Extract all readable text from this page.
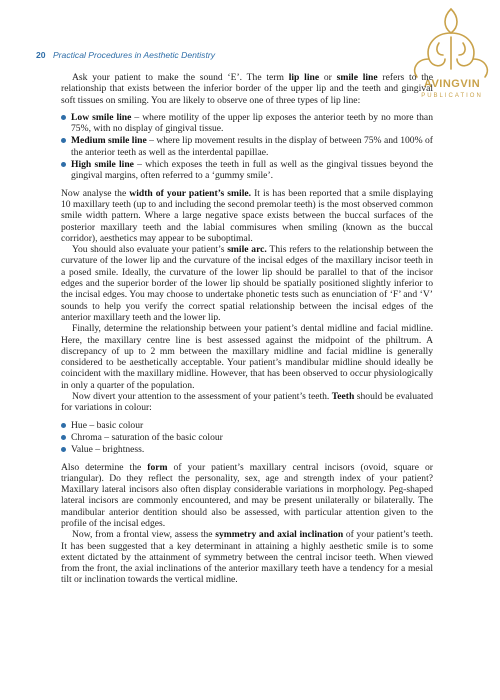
20 Practical Procedures in Aesthetic Dentistry
AVINGVIN
PUBLICATION

Ask your patient to make the sound ‘E’. The term lip line or smile line refers to the relationship that exists between the inferior border of the upper lip and the teeth and gingival soft tissues on smiling. You are likely to observe one of three types of lip line:

Low smile line – where motility of the upper lip exposes the anterior teeth by no more than 75%, with no display of gingival tissue.
Medium smile line – where lip movement results in the display of between 75% and 100% of the anterior teeth as well as the interdental papillae.
High smile line – which exposes the teeth in full as well as the gingival tissues beyond the gingival margins, often referred to a ‘gummy smile’.

Now analyse the width of your patient’s smile. It is has been reported that a smile displaying 10 maxillary teeth (up to and including the second premolar teeth) is the most observed common smile width pattern. Where a large negative space exists between the buccal surfaces of the posterior maxillary teeth and the labial commisures when smiling (known as the buccal corridor), aesthetics may appear to be suboptimal.

You should also evaluate your patient’s smile arc. This refers to the relationship between the curvature of the lower lip and the curvature of the incisal edges of the maxillary incisor teeth in a posed smile. Ideally, the curvature of the lower lip should be parallel to that of the incisor edges and the superior border of the lower lip should be spatially positioned slightly inferior to the incisal edges. You may choose to undertake phonetic tests such as enunciation of ‘F’ and ‘V’ sounds to help you verify the correct spatial relationship between the incisal edges of the anterior maxillary teeth and the lower lip.

Finally, determine the relationship between your patient’s dental midline and facial midline. Here, the maxillary centre line is best assessed against the midpoint of the philtrum. A discrepancy of up to 2 mm between the maxillary midline and facial midline is generally considered to be aesthetically acceptable. Your patient’s mandibular midline should ideally be coincident with the maxillary midline. However, that has been observed to occur physiologically in only a quarter of the population.

Now divert your attention to the assessment of your patient’s teeth. Teeth should be evaluated for variations in colour:

Hue – basic colour
Chroma – saturation of the basic colour
Value – brightness.

Also determine the form of your patient’s maxillary central incisors (ovoid, square or triangular). Do they reflect the personality, sex, age and strength index of your patient? Maxillary lateral incisors also often display considerable variations in morphology. Peg-shaped lateral incisors are commonly encountered, and may be present unilaterally or bilaterally. The mandibular anterior dentition should also be assessed, with particular attention given to the profile of the incisal edges.

Now, from a frontal view, assess the symmetry and axial inclination of your patient’s teeth. It has been suggested that a key determinant in attaining a highly aesthetic smile is to some extent dictated by the attainment of symmetry between the central incisor teeth. When viewed from the front, the axial inclinations of the anterior maxillary teeth have a tendency for a mesial tilt or inclination towards the vertical midline.
